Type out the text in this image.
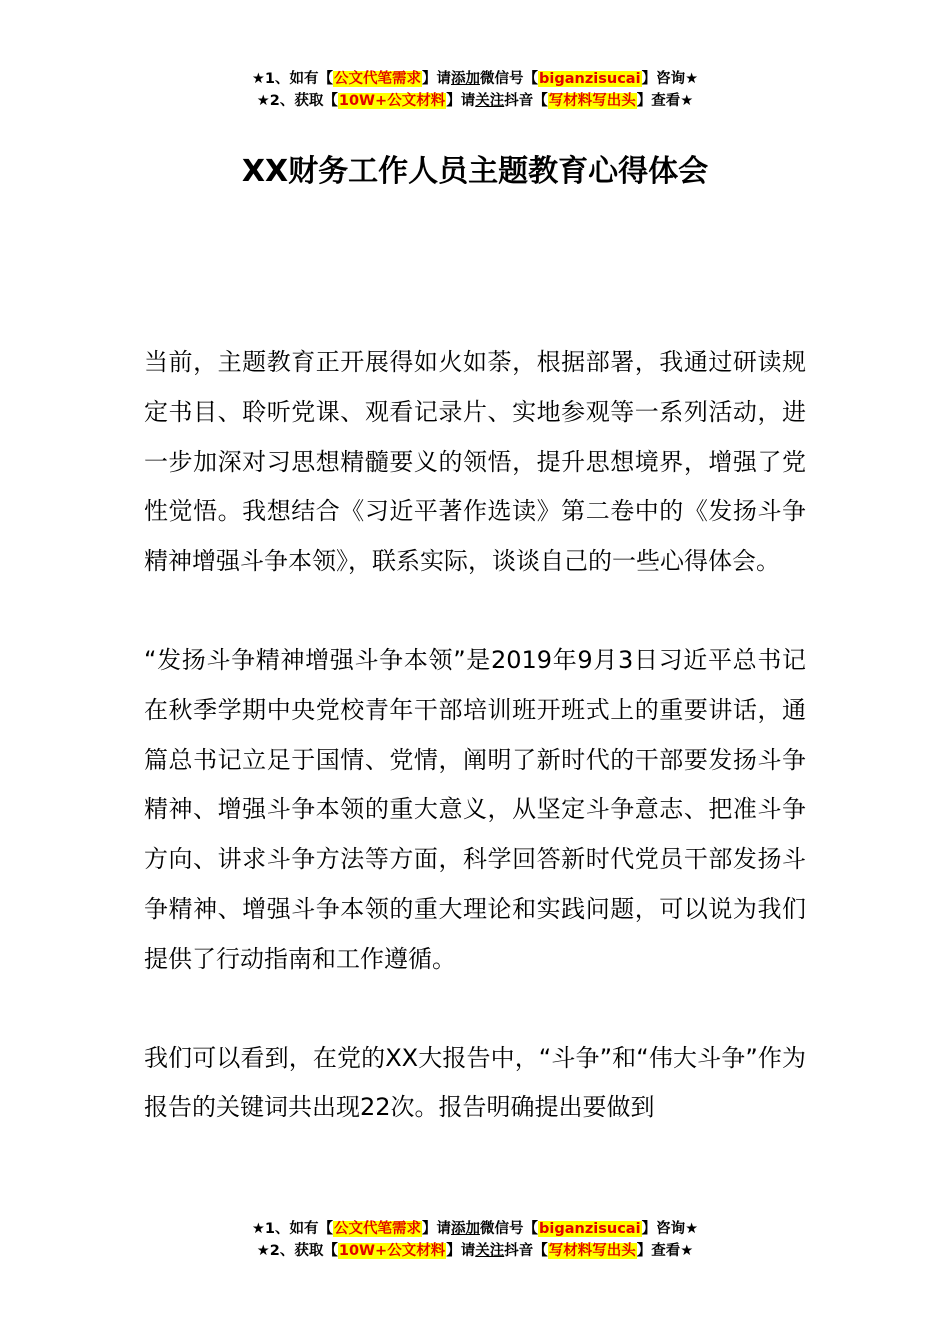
★1、如有【公文代笔需求】请添加微信号【biganzisucai】咨询★
★2、获取【10W+公文材料】请关注抖音【写材料写出头】查看★
XX财务工作人员主题教育心得体会

当前，主题教育正开展得如火如荼，根据部署，我通过研读规定书目、聆听党课、观看记录片、实地参观等一系列活动，进一步加深对习思想精髓要义的领悟，提升思想境界，增强了党性觉悟。我想结合《习近平著作选读》第二卷中的《发扬斗争精神增强斗争本领》，联系实际，谈谈自己的一些心得体会。

“发扬斗争精神增强斗争本领”是2019年9月3日习近平总书记在秋季学期中央党校青年干部培训班开班式上的重要讲话，通篇总书记立足于国情、党情，阐明了新时代的干部要发扬斗争精神、增强斗争本领的重大意义，从坚定斗争意志、把准斗争方向、讲求斗争方法等方面，科学回答新时代党员干部发扬斗争精神、增强斗争本领的重大理论和实践问题，可以说为我们提供了行动指南和工作遵循。

我们可以看到，在党的XX大报告中，“斗争”和“伟大斗争”作为报告的关键词共出现22次。报告明确提出要做到

★1、如有【公文代笔需求】请添加微信号【biganzisucai】咨询★
★2、获取【10W+公文材料】请关注抖音【写材料写出头】查看★
